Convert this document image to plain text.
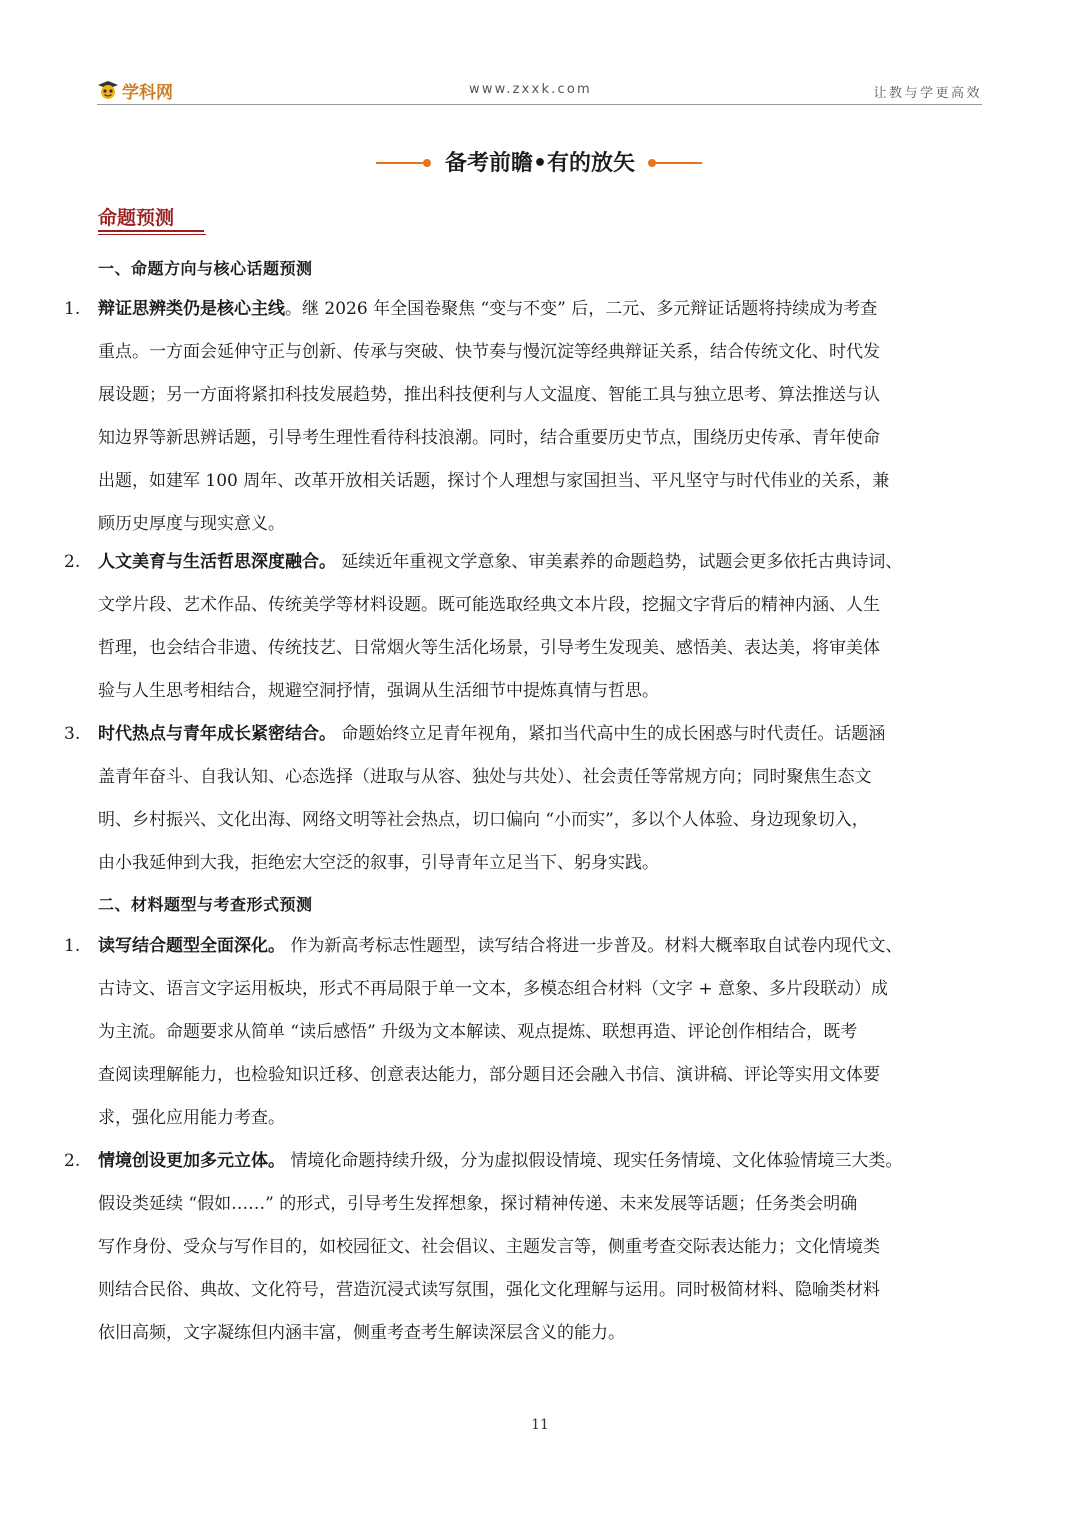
学科网	www.zxxk.com	让教与学更高效
备考前瞻•有的放矢
命题预测
一、命题方向与核心话题预测
1.	辩证思辨类仍是核心主线。继 2026 年全国卷聚焦 “变与不变” 后，二元、多元辩证话题将持续成为考查
重点。一方面会延伸守正与创新、传承与突破、快节奏与慢沉淀等经典辩证关系，结合传统文化、时代发
展设题；另一方面将紧扣科技发展趋势，推出科技便利与人文温度、智能工具与独立思考、算法推送与认
知边界等新思辨话题，引导考生理性看待科技浪潮。同时，结合重要历史节点，围绕历史传承、青年使命
出题，如建军 100 周年、改革开放相关话题，探讨个人理想与家国担当、平凡坚守与时代伟业的关系，兼
顾历史厚度与现实意义。
2.	人文美育与生活哲思深度融合。 延续近年重视文学意象、审美素养的命题趋势，试题会更多依托古典诗词、
文学片段、艺术作品、传统美学等材料设题。既可能选取经典文本片段，挖掘文字背后的精神内涵、人生
哲理，也会结合非遗、传统技艺、日常烟火等生活化场景，引导考生发现美、感悟美、表达美，将审美体
验与人生思考相结合，规避空洞抒情，强调从生活细节中提炼真情与哲思。
3.	时代热点与青年成长紧密结合。 命题始终立足青年视角，紧扣当代高中生的成长困惑与时代责任。话题涵
盖青年奋斗、自我认知、心态选择（进取与从容、独处与共处）、社会责任等常规方向；同时聚焦生态文
明、乡村振兴、文化出海、网络文明等社会热点，切口偏向 “小而实”，多以个人体验、身边现象切入，
由小我延伸到大我，拒绝宏大空泛的叙事，引导青年立足当下、躬身实践。
二、材料题型与考查形式预测
1.	读写结合题型全面深化。 作为新高考标志性题型，读写结合将进一步普及。材料大概率取自试卷内现代文、
古诗文、语言文字运用板块，形式不再局限于单一文本，多模态组合材料（文字 + 意象、多片段联动）成
为主流。命题要求从简单 “读后感悟” 升级为文本解读、观点提炼、联想再造、评论创作相结合，既考
查阅读理解能力，也检验知识迁移、创意表达能力，部分题目还会融入书信、演讲稿、评论等实用文体要
求，强化应用能力考查。
2.	情境创设更加多元立体。 情境化命题持续升级，分为虚拟假设情境、现实任务情境、文化体验情境三大类。
假设类延续 “假如……” 的形式，引导考生发挥想象，探讨精神传递、未来发展等话题；任务类会明确
写作身份、受众与写作目的，如校园征文、社会倡议、主题发言等，侧重考查交际表达能力；文化情境类
则结合民俗、典故、文化符号，营造沉浸式读写氛围，强化文化理解与运用。同时极简材料、隐喻类材料
依旧高频，文字凝练但内涵丰富，侧重考查考生解读深层含义的能力。
11
